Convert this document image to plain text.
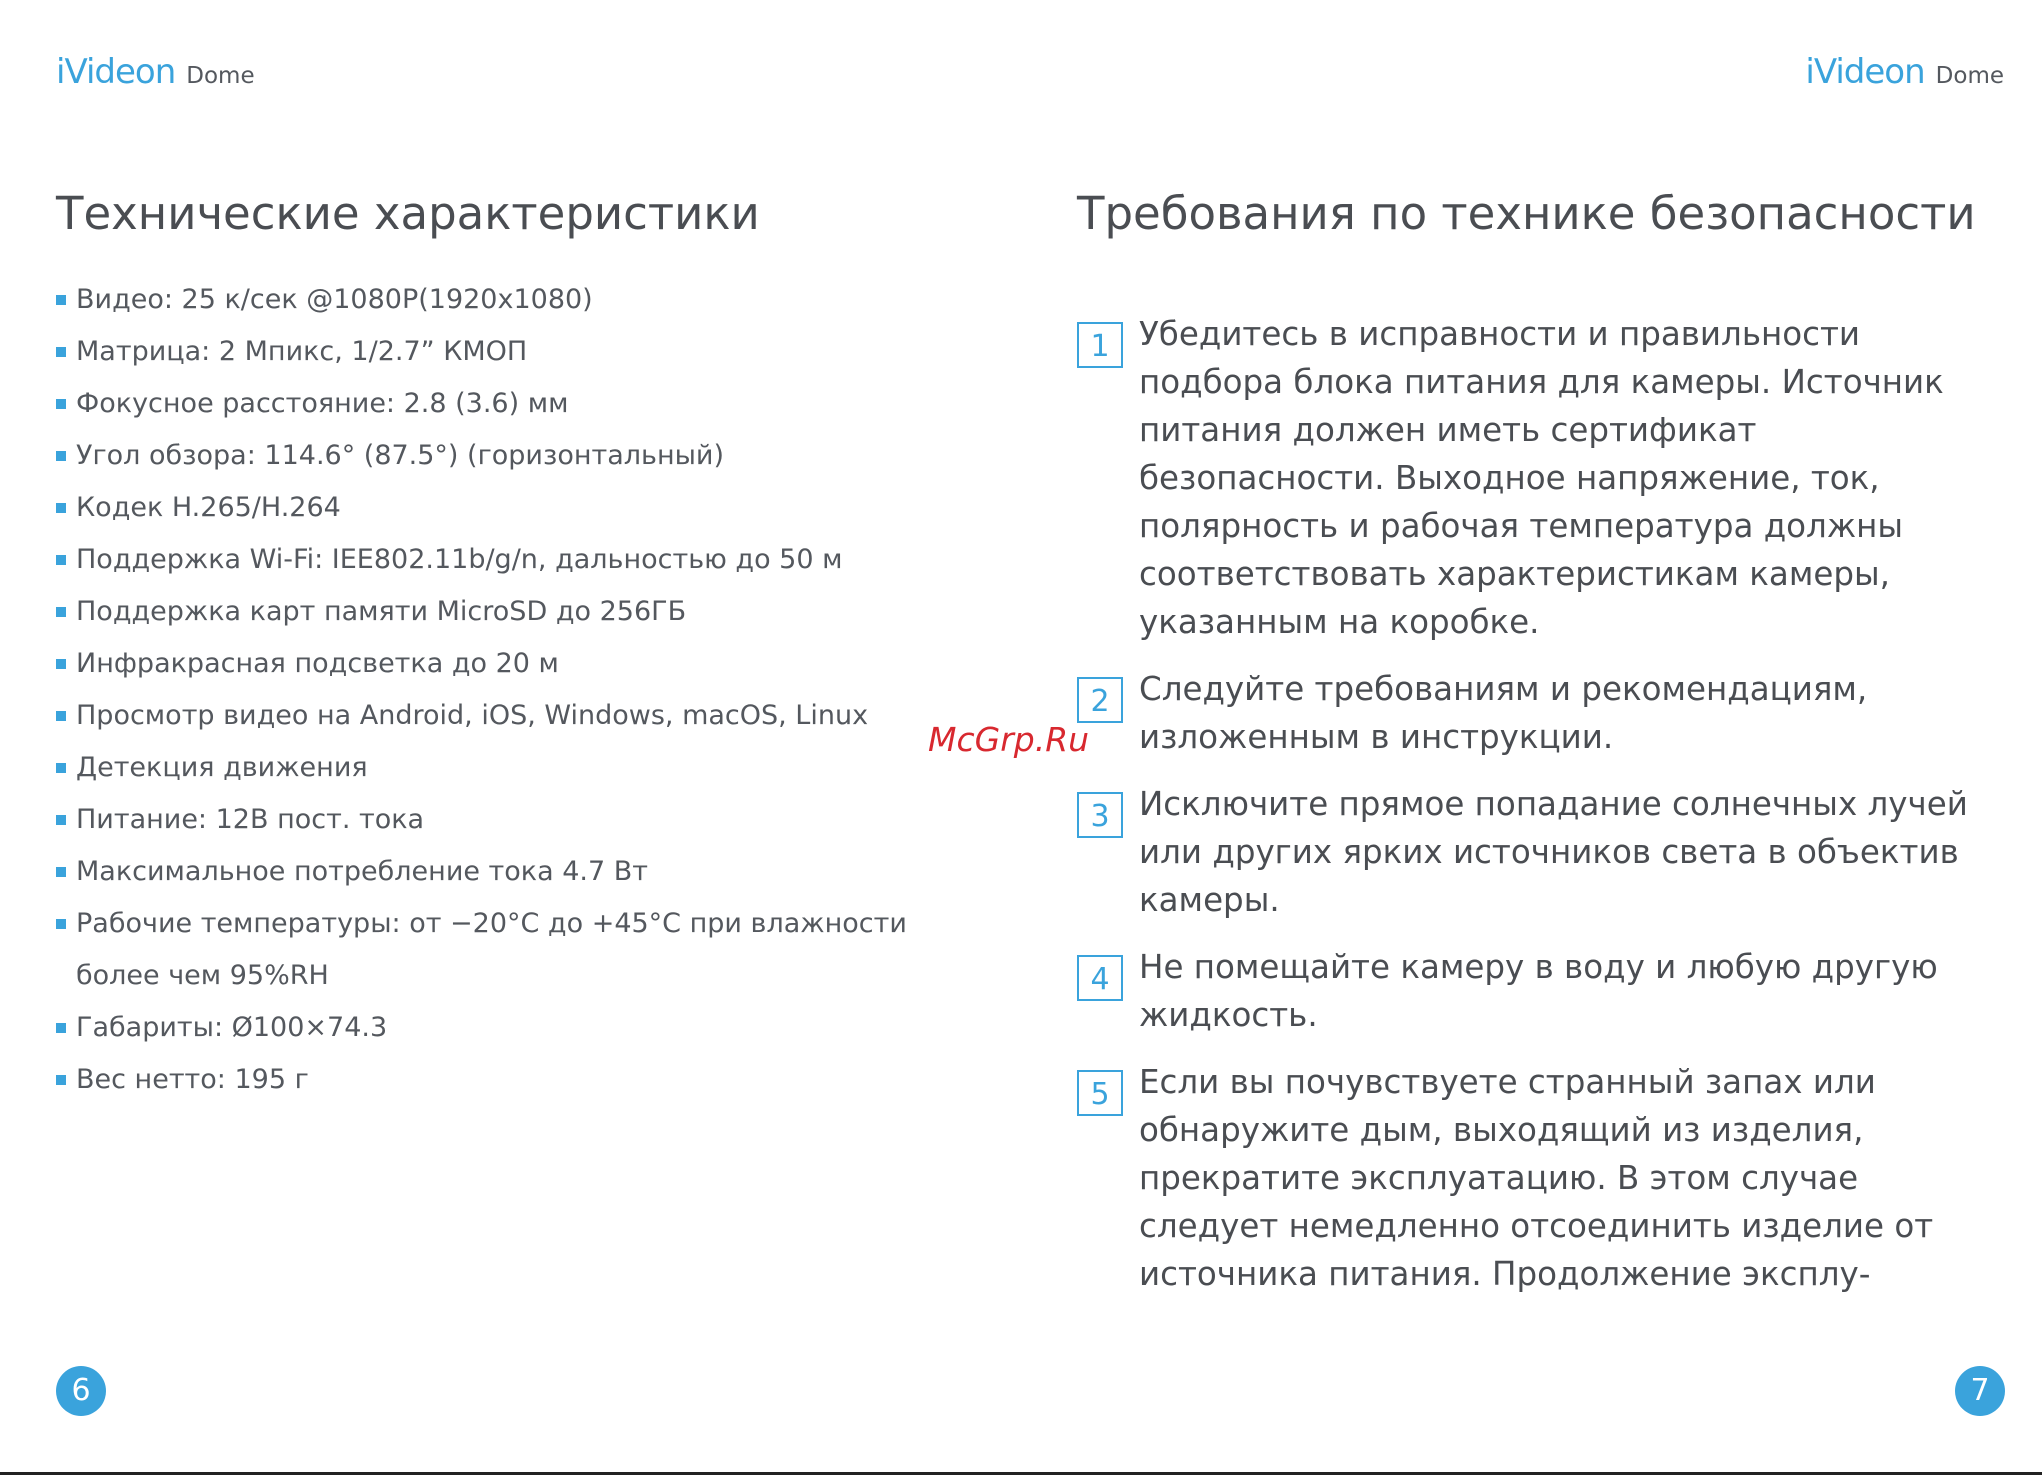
iVideon Dome
Технические характеристики
Видео: 25 к/сек @1080P(1920x1080)
Матрица: 2 Мпикс, 1/2.7” КМОП
Фокусное расстояние: 2.8 (3.6) мм
Угол обзора: 114.6° (87.5°) (горизонтальный)
Кодек H.265/H.264
Поддержка Wi-Fi: IEE802.11b/g/n, дальностью до 50 м
Поддержка карт памяти MicroSD до 256ГБ
Инфракрасная подсветка до 20 м
Просмотр видео на Android, iOS, Windows, macOS, Linux
Детекция движения
Питание: 12В пост. тока
Максимальное потребление тока 4.7 Вт
Рабочие температуры: от −20°С до +45°С при влажности более чем 95%RH
Габариты: Ø100×74.3
Вес нетто: 195 г
6
iVideon Dome
Требования по технике безопасности
1 Убедитесь в исправности и правильности подбора блока питания для камеры. Источник питания должен иметь сертификат безопасности. Выходное напряжение, ток, полярность и рабочая температура должны соответствовать характеристикам камеры, указанным на коробке.
2 Следуйте требованиям и рекомендациям, изложенным в инструкции.
3 Исключите прямое попадание солнечных лучей или других ярких источников света в объектив камеры.
4 Не помещайте камеру в воду и любую другую жидкость.
5 Если вы почувствуете странный запах или обнаружите дым, выходящий из изделия, прекратите эксплуатацию. В этом случае следует немедленно отсоединить изделие от источника питания. Продолжение эксплу-
7
McGrp.Ru
